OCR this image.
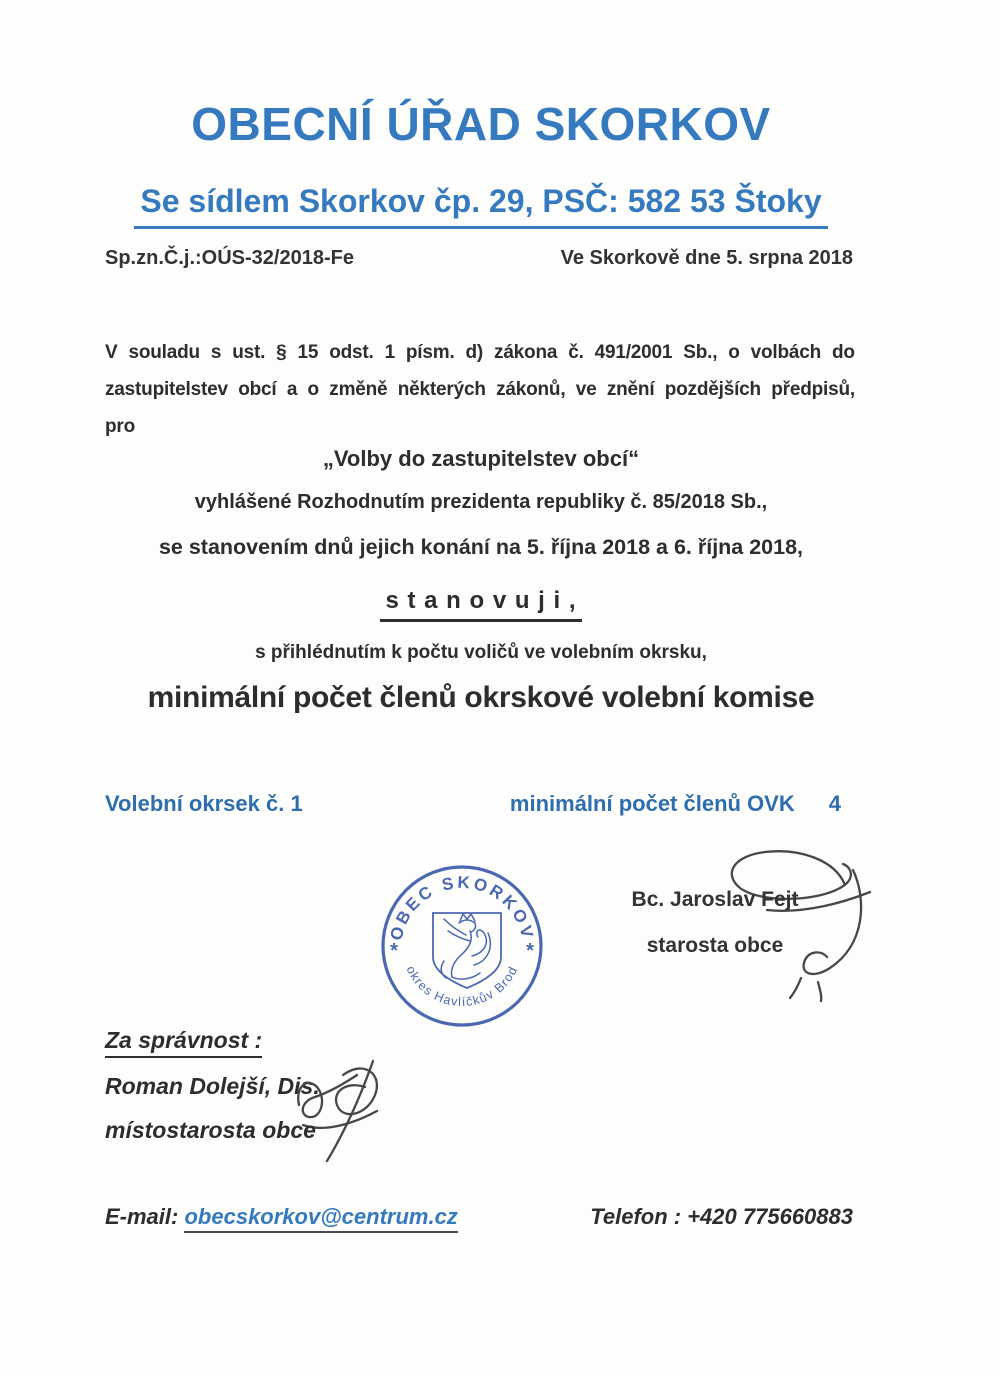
OBECNÍ ÚŘAD SKORKOV
Se sídlem Skorkov čp. 29, PSČ: 582 53 Štoky
Sp.zn.Č.j.:OÚS-32/2018-Fe	Ve Skorkově dne 5. srpna 2018
V souladu s ust. § 15 odst. 1 písm. d) zákona č. 491/2001 Sb., o volbách do
zastupitelstev obcí a o změně některých zákonů, ve znění pozdějších předpisů,
pro
„Volby do zastupitelstev obcí“
vyhlášené Rozhodnutím prezidenta republiky č. 85/2018 Sb.,
se stanovením dnů jejich konání na 5. října 2018 a 6. října 2018,
s t a n o v u j i ,
s přihlédnutím k počtu voličů ve volebním okrsku,
minimální počet členů okrskové volební komise
Volební okrsek č. 1	minimální počet členů OVK 4
OBEC SKORKOV
okres Havlíčkův Brod
*	*
Bc. Jaroslav Fejt
starosta obce
Za správnost :
Roman Dolejší, Dis.
místostarosta obce
E-mail: obecskorkov@centrum.cz	Telefon : +420 775660883
